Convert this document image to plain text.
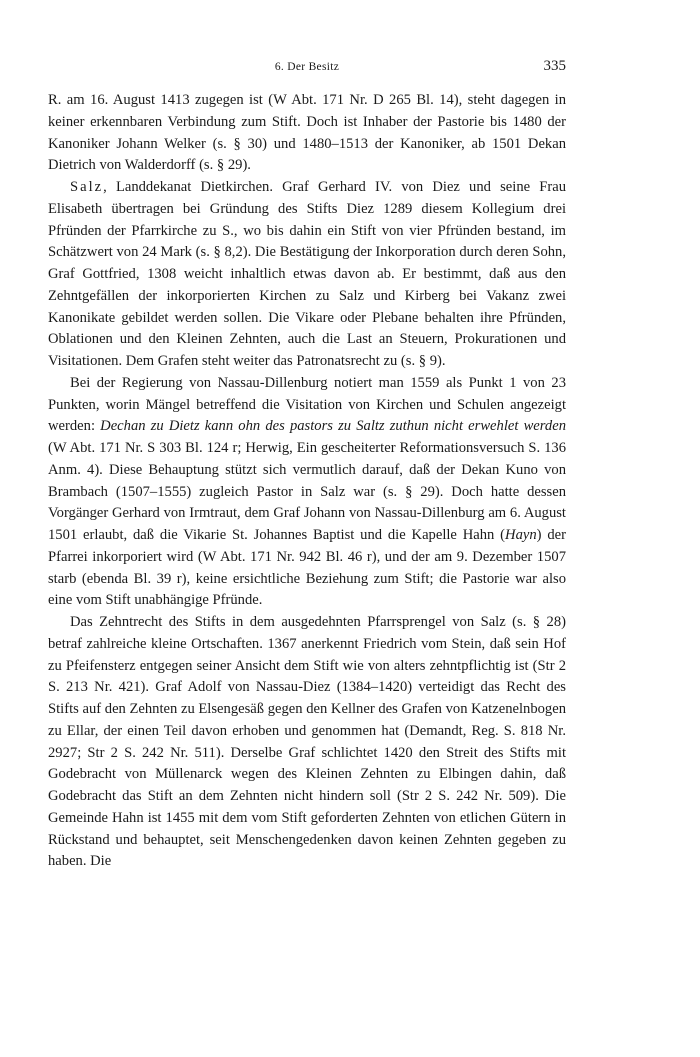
6. Der Besitz	335

R. am 16. August 1413 zugegen ist (W Abt. 171 Nr. D 265 Bl. 14), steht dagegen in keiner erkennbaren Verbindung zum Stift. Doch ist Inhaber der Pastorie bis 1480 der Kanoniker Johann Welker (s. § 30) und 1480–1513 der Kanoniker, ab 1501 Dekan Dietrich von Walderdorff (s. § 29).

Salz, Landdekanat Dietkirchen. Graf Gerhard IV. von Diez und seine Frau Elisabeth übertragen bei Gründung des Stifts Diez 1289 diesem Kollegium drei Pfründen der Pfarrkirche zu S., wo bis dahin ein Stift von vier Pfründen bestand, im Schätzwert von 24 Mark (s. § 8,2). Die Bestätigung der Inkorporation durch deren Sohn, Graf Gottfried, 1308 weicht inhaltlich etwas davon ab. Er bestimmt, daß aus den Zehntgefällen der inkorporierten Kirchen zu Salz und Kirberg bei Vakanz zwei Kanonikate gebildet werden sollen. Die Vikare oder Plebane behalten ihre Pfründen, Oblationen und den Kleinen Zehnten, auch die Last an Steuern, Prokurationen und Visitationen. Dem Grafen steht weiter das Patronatsrecht zu (s. § 9).

Bei der Regierung von Nassau-Dillenburg notiert man 1559 als Punkt 1 von 23 Punkten, worin Mängel betreffend die Visitation von Kirchen und Schulen angezeigt werden: Dechan zu Dietz kann ohn des pastors zu Saltz zuthun nicht erwehlet werden (W Abt. 171 Nr. S 303 Bl. 124 r; Herwig, Ein gescheiterter Reformationsversuch S. 136 Anm. 4). Diese Behauptung stützt sich vermutlich darauf, daß der Dekan Kuno von Brambach (1507–1555) zugleich Pastor in Salz war (s. § 29). Doch hatte dessen Vorgänger Gerhard von Irmtraut, dem Graf Johann von Nassau-Dillenburg am 6. August 1501 erlaubt, daß die Vikarie St. Johannes Baptist und die Kapelle Hahn (Hayn) der Pfarrei inkorporiert wird (W Abt. 171 Nr. 942 Bl. 46 r), und der am 9. Dezember 1507 starb (ebenda Bl. 39 r), keine ersichtliche Beziehung zum Stift; die Pastorie war also eine vom Stift unabhängige Pfründe.

Das Zehntrecht des Stifts in dem ausgedehnten Pfarrsprengel von Salz (s. § 28) betraf zahlreiche kleine Ortschaften. 1367 anerkennt Friedrich vom Stein, daß sein Hof zu Pfeifensterz entgegen seiner Ansicht dem Stift wie von alters zehntpflichtig ist (Str 2 S. 213 Nr. 421). Graf Adolf von Nassau-Diez (1384–1420) verteidigt das Recht des Stifts auf den Zehnten zu Elsengesäß gegen den Kellner des Grafen von Katzenelnbogen zu Ellar, der einen Teil davon erhoben und genommen hat (Demandt, Reg. S. 818 Nr. 2927; Str 2 S. 242 Nr. 511). Derselbe Graf schlichtet 1420 den Streit des Stifts mit Godebracht von Müllenarck wegen des Kleinen Zehnten zu Elbingen dahin, daß Godebracht das Stift an dem Zehnten nicht hindern soll (Str 2 S. 242 Nr. 509). Die Gemeinde Hahn ist 1455 mit dem vom Stift geforderten Zehnten von etlichen Gütern in Rückstand und behauptet, seit Menschengedenken davon keinen Zehnten gegeben zu haben. Die
